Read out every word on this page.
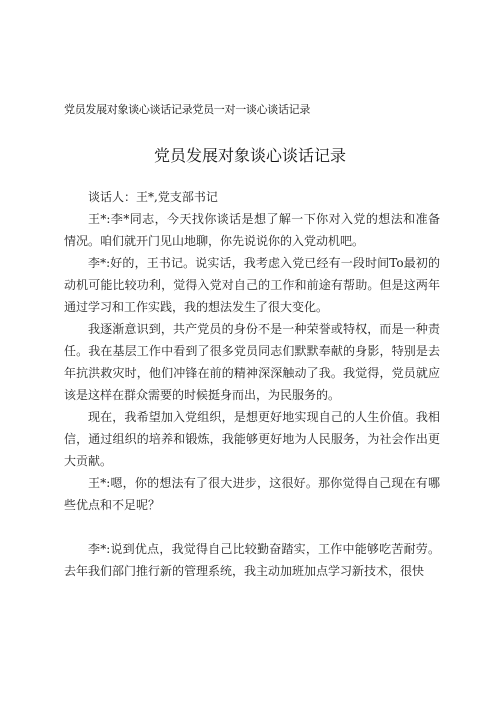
党员发展对象谈心谈话记录党员一对一谈心谈话记录
党员发展对象谈心谈话记录

谈话人：王*,党支部书记

王*:李*同志，今天找你谈话是想了解一下你对入党的想法和准备情况。咱们就开门见山地聊，你先说说你的入党动机吧。

李*:好的，王书记。说实话，我考虑入党已经有一段时间To最初的动机可能比较功利，觉得入党对自己的工作和前途有帮助。但是这两年通过学习和工作实践，我的想法发生了很大变化。

我逐渐意识到，共产党员的身份不是一种荣誉或特权，而是一种责任。我在基层工作中看到了很多党员同志们默默奉献的身影，特别是去年抗洪救灾时，他们冲锋在前的精神深深触动了我。我觉得，党员就应该是这样在群众需要的时候挺身而出，为民服务的。

现在，我希望加入党组织，是想更好地实现自己的人生价值。我相信，通过组织的培养和锻炼，我能够更好地为人民服务，为社会作出更大贡献。

王*:嗯，你的想法有了很大进步，这很好。那你觉得自己现在有哪些优点和不足呢？

李*:说到优点，我觉得自己比较勤奋踏实，工作中能够吃苦耐劳。去年我们部门推行新的管理系统，我主动加班加点学习新技术，很快
